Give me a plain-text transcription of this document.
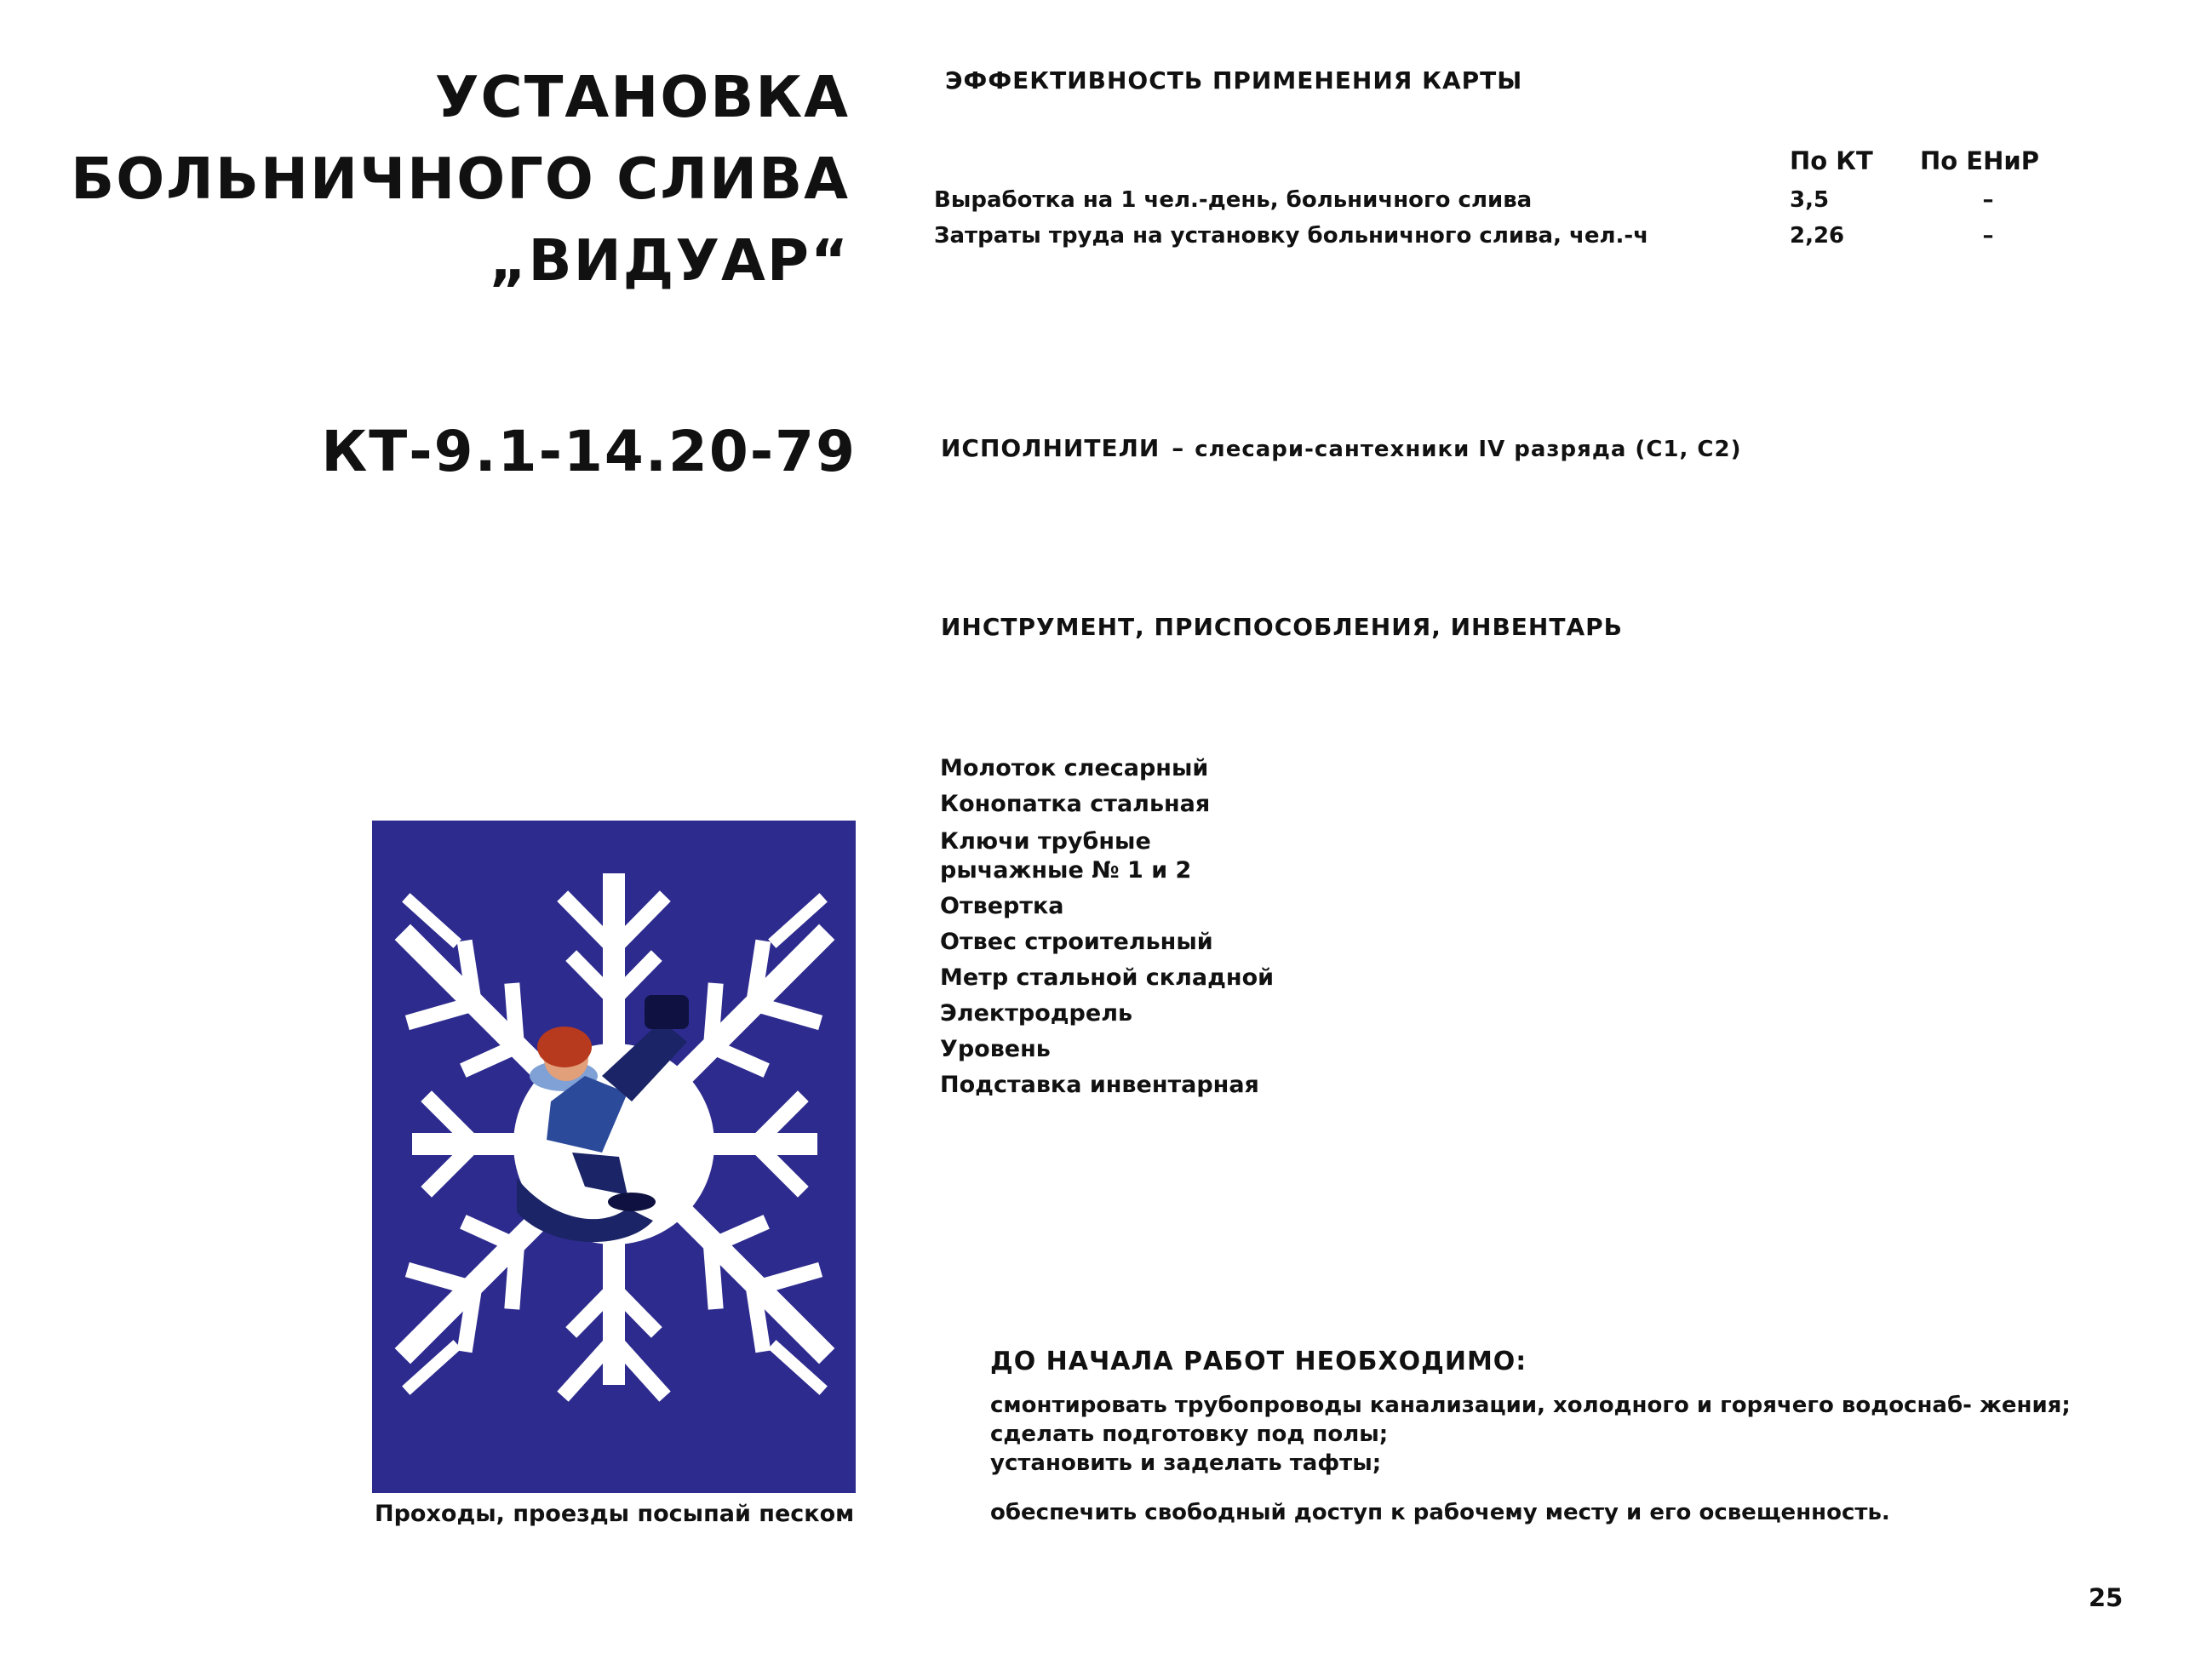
УСТАНОВКА
БОЛЬНИЧНОГО СЛИВА
„ВИДУАР“
КТ-9.1-14.20-79
Проходы, проезды посыпай песком
ЭФФЕКТИВНОСТЬ ПРИМЕНЕНИЯ КАРТЫ
	По КТ	По ЕНиР
Выработка на 1 чел.-день, больничного слива	3,5	–
Затраты труда на установку больничного слива, чел.-ч	2,26	–
ИСПОЛНИТЕЛИ – слесари-сантехники IV разряда (С1, С2)
ИНСТРУМЕНТ, ПРИСПОСОБЛЕНИЯ, ИНВЕНТАРЬ
Молоток слесарный
Конопатка стальная
Ключи трубные
рычажные № 1 и 2
Отвертка
Отвес строительный
Метр стальной складной
Электродрель
Уровень
Подставка инвентарная
ДО НАЧАЛА РАБОТ НЕОБХОДИМО:
смонтировать трубопроводы канализации, холодного и горячего водоснаб- жения;
сделать подготовку под полы;
установить и заделать тафты;
обеспечить свободный доступ к рабочему месту и его освещенность.
25
